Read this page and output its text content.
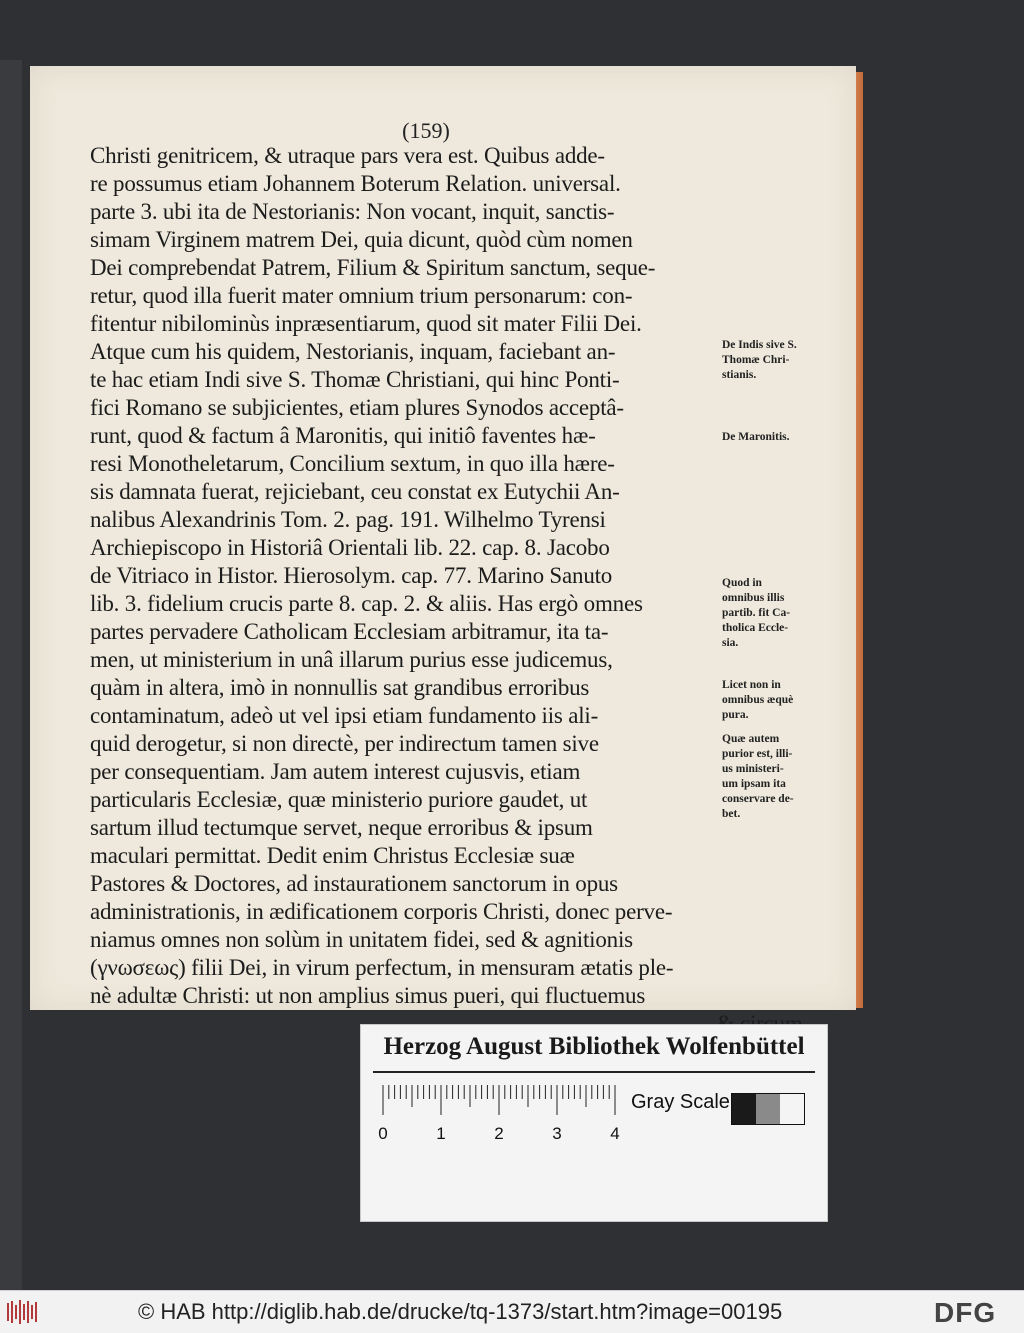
(159)
Christi genitricem, & utraque pars vera est. Quibus adde-
re possumus etiam Johannem Boterum Relation. universal.
parte 3. ubi ita de Nestorianis: Non vocant, inquit, sanctis-
simam Virginem matrem Dei, quia dicunt, quòd cùm nomen
Dei comprebendat Patrem, Filium & Spiritum sanctum, seque-
retur, quod illa fuerit mater omnium trium personarum: con-
fitentur nibilominùs inpræsentiarum, quod sit mater Filii Dei.
Atque cum his quidem, Nestorianis, inquam, faciebant an-
te hac etiam Indi sive S. Thomæ Christiani, qui hinc Ponti-
fici Romano se subjicientes, etiam plures Synodos acceptâ-
runt, quod & factum â Maronitis, qui initiô faventes hæ-
resi Monotheletarum, Concilium sextum, in quo illa hære-
sis damnata fuerat, rejiciebant, ceu constat ex Eutychii An-
nalibus Alexandrinis Tom. 2. pag. 191. Wilhelmo Tyrensi
Archiepiscopo in Historiâ Orientali lib. 22. cap. 8. Jacobo
de Vitriaco in Histor. Hierosolym. cap. 77. Marino Sanuto
lib. 3. fidelium crucis parte 8. cap. 2. & aliis. Has ergò omnes
partes pervadere Catholicam Ecclesiam arbitramur, ita ta-
men, ut ministerium in unâ illarum purius esse judicemus,
quàm in altera, imò in nonnullis sat grandibus erroribus
contaminatum, adeò ut vel ipsi etiam fundamento iis ali-
quid derogetur, si non directè, per indirectum tamen sive
per consequentiam. Jam autem interest cujusvis, etiam
particularis Ecclesiæ, quæ ministerio puriore gaudet, ut
sartum illud tectumque servet, neque erroribus & ipsum
maculari permittat. Dedit enim Christus Ecclesiæ suæ
Pastores & Doctores, ad instaurationem sanctorum in opus
administrationis, in ædificationem corporis Christi, donec perve-
niamus omnes non solùm in unitatem fidei, sed & agnitionis
(γνωσεως) filii Dei, in virum perfectum, in mensuram ætatis ple-
nè adultæ Christi: ut non amplius simus pueri, qui fluctuemus
De Indis sive S.
Thomæ Chri-
stianis.
De Maronitis.
Quod in
omnibus illis
partib. fit Ca-
tholica Eccle-
sia.
Licet non in
omnibus æquè
pura.
Quæ autem
purior est, illi-
us ministeri-
um ipsam ita
conservare de-
bet.
Herzog August Bibliothek Wolfenbüttel
0	1	2	3	4
Gray Scale
© HAB http://diglib.hab.de/drucke/tq-1373/start.htm?image=00195	DFG
